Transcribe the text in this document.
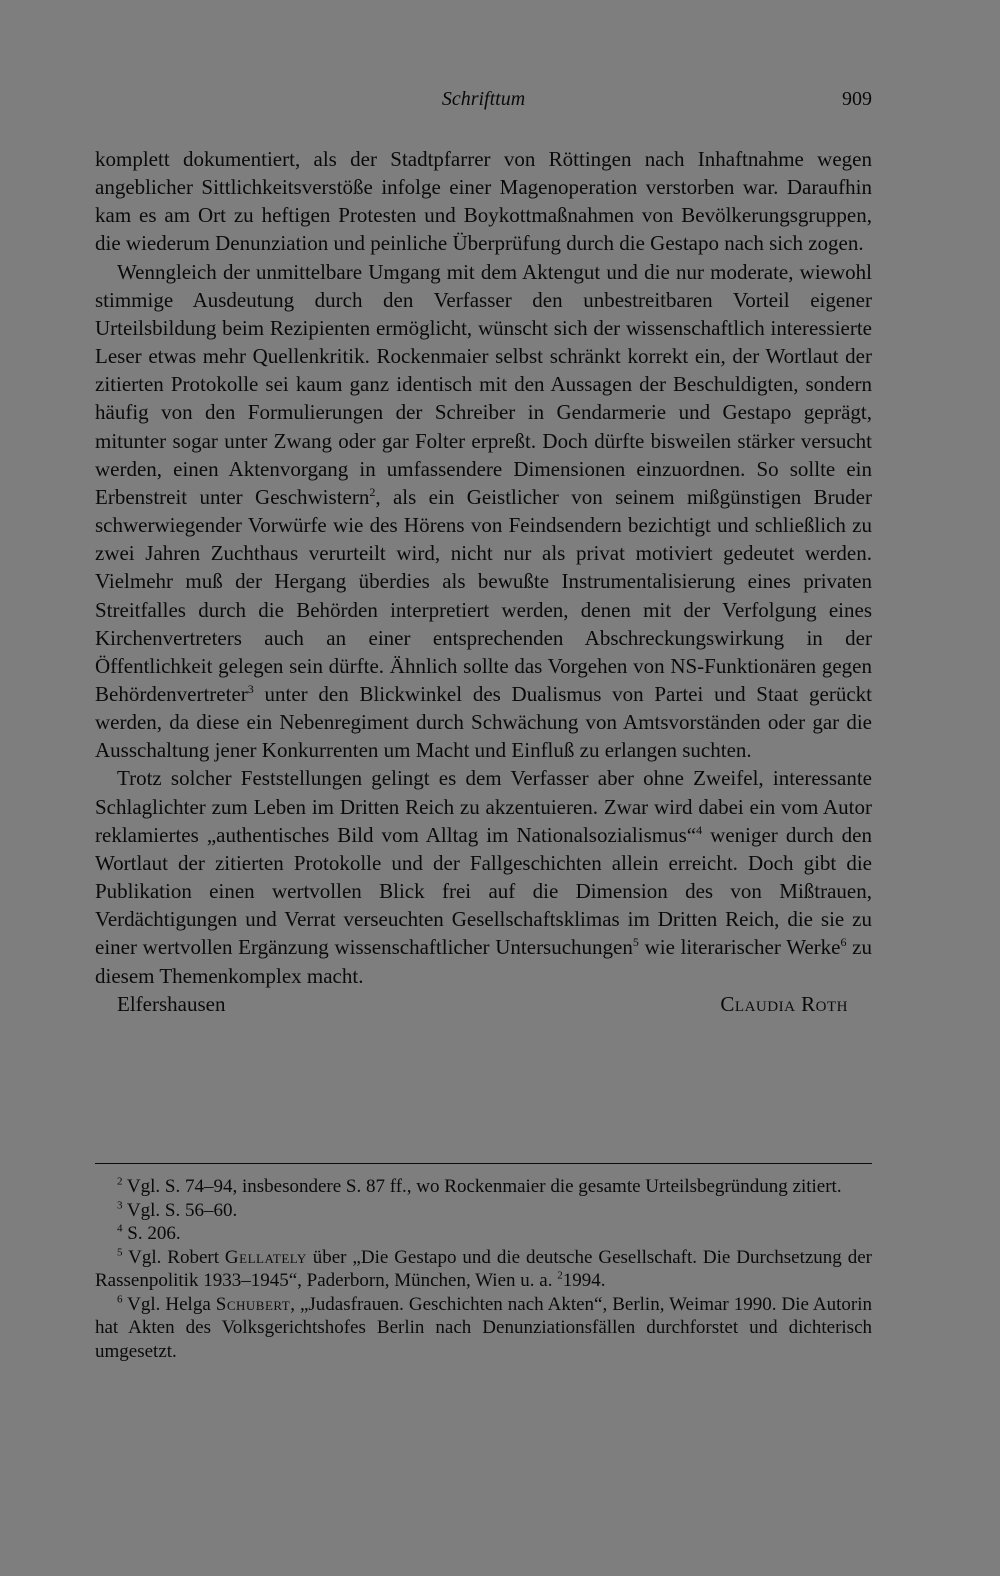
Schrifttum	909

komplett dokumentiert, als der Stadtpfarrer von Röttingen nach Inhaftnahme wegen angeblicher Sittlichkeitsverstöße infolge einer Magenoperation verstorben war. Daraufhin kam es am Ort zu heftigen Protesten und Boykottmaßnahmen von Bevölkerungsgruppen, die wiederum Denunziation und peinliche Überprüfung durch die Gestapo nach sich zogen.

Wenngleich der unmittelbare Umgang mit dem Aktengut und die nur moderate, wiewohl stimmige Ausdeutung durch den Verfasser den unbestreitbaren Vorteil eigener Urteilsbildung beim Rezipienten ermöglicht, wünscht sich der wissenschaftlich interessierte Leser etwas mehr Quellenkritik. Rockenmaier selbst schränkt korrekt ein, der Wortlaut der zitierten Protokolle sei kaum ganz identisch mit den Aussagen der Beschuldigten, sondern häufig von den Formulierungen der Schreiber in Gendarmerie und Gestapo geprägt, mitunter sogar unter Zwang oder gar Folter erpreßt. Doch dürfte bisweilen stärker versucht werden, einen Aktenvorgang in umfassendere Dimensionen einzuordnen. So sollte ein Erbenstreit unter Geschwistern$^2$, als ein Geistlicher von seinem mißgünstigen Bruder schwerwiegender Vorwürfe wie des Hörens von Feindsendern bezichtigt und schließlich zu zwei Jahren Zuchthaus verurteilt wird, nicht nur als privat motiviert gedeutet werden. Vielmehr muß der Hergang überdies als bewußte Instrumentalisierung eines privaten Streitfalles durch die Behörden interpretiert werden, denen mit der Verfolgung eines Kirchenvertreters auch an einer entsprechenden Abschreckungswirkung in der Öffentlichkeit gelegen sein dürfte. Ähnlich sollte das Vorgehen von NS-Funktionären gegen Behördenvertreter$^3$ unter den Blickwinkel des Dualismus von Partei und Staat gerückt werden, da diese ein Nebenregiment durch Schwächung von Amtsvorständen oder gar die Ausschaltung jener Konkurrenten um Macht und Einfluß zu erlangen suchten.

Trotz solcher Feststellungen gelingt es dem Verfasser aber ohne Zweifel, interessante Schlaglichter zum Leben im Dritten Reich zu akzentuieren. Zwar wird dabei ein vom Autor reklamiertes „authentisches Bild vom Alltag im Nationalsozialismus“$^4$ weniger durch den Wortlaut der zitierten Protokolle und der Fallgeschichten allein erreicht. Doch gibt die Publikation einen wertvollen Blick frei auf die Dimension des von Mißtrauen, Verdächtigungen und Verrat verseuchten Gesellschaftsklimas im Dritten Reich, die sie zu einer wertvollen Ergänzung wissenschaftlicher Untersuchungen$^5$ wie literarischer Werke$^6$ zu diesem Themenkomplex macht.

Elfershausen	Claudia Roth

$^2$ Vgl. S. 74–94, insbesondere S. 87 ff., wo Rockenmaier die gesamte Urteilsbegründung zitiert.

$^3$ Vgl. S. 56–60.

$^4$ S. 206.

$^5$ Vgl. Robert Gellately über „Die Gestapo und die deutsche Gesellschaft. Die Durchsetzung der Rassenpolitik 1933–1945“, Paderborn, München, Wien u. a. $^2$1994.

$^6$ Vgl. Helga Schubert, „Judasfrauen. Geschichten nach Akten“, Berlin, Weimar 1990. Die Autorin hat Akten des Volksgerichtshofes Berlin nach Denunziationsfällen durchforstet und dichterisch umgesetzt.
